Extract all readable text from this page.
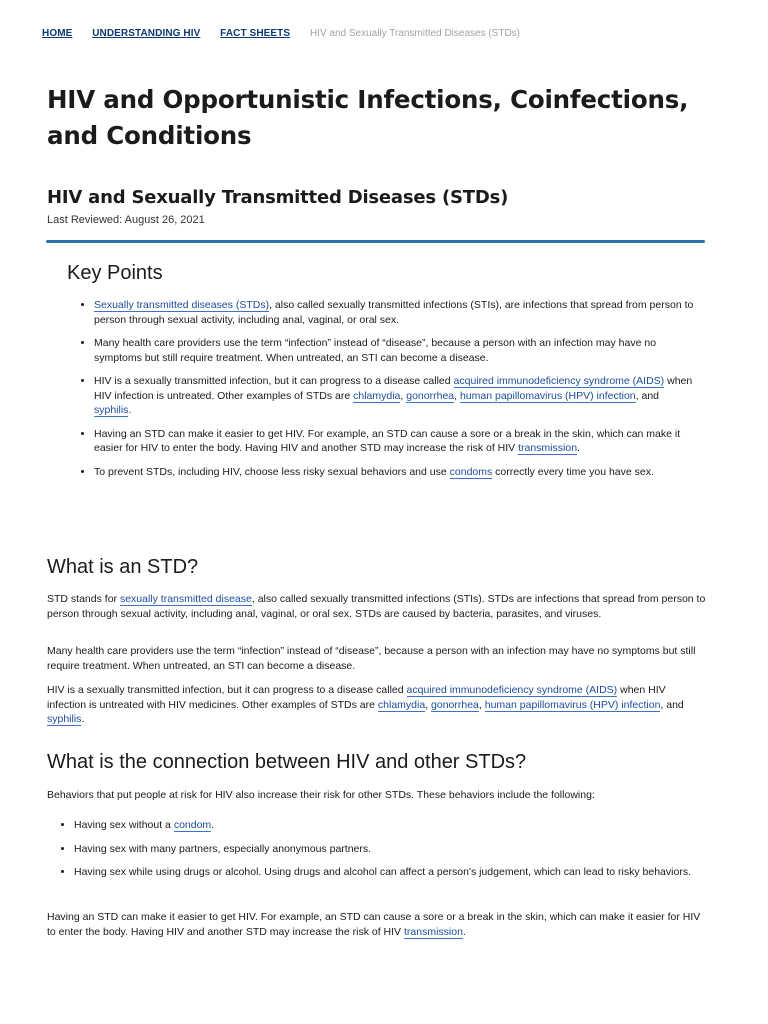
HOME UNDERSTANDING HIV FACT SHEETS HIV and Sexually Transmitted Diseases (STDs)
HIV and Opportunistic Infections, Coinfections, and Conditions
HIV and Sexually Transmitted Diseases (STDs)
Last Reviewed: August 26, 2021
Key Points
• Sexually transmitted diseases (STDs), also called sexually transmitted infections (STIs), are infections that spread from person to person through sexual activity, including anal, vaginal, or oral sex.
• Many health care providers use the term “infection” instead of “disease”, because a person with an infection may have no symptoms but still require treatment. When untreated, an STI can become a disease.
• HIV is a sexually transmitted infection, but it can progress to a disease called acquired immunodeficiency syndrome (AIDS) when HIV infection is untreated. Other examples of STDs are chlamydia, gonorrhea, human papillomavirus (HPV) infection, and syphilis.
• Having an STD can make it easier to get HIV. For example, an STD can cause a sore or a break in the skin, which can make it easier for HIV to enter the body. Having HIV and another STD may increase the risk of HIV transmission.
• To prevent STDs, including HIV, choose less risky sexual behaviors and use condoms correctly every time you have sex.
What is an STD?

STD stands for sexually transmitted disease, also called sexually transmitted infections (STIs). STDs are infections that spread from person to person through sexual activity, including anal, vaginal, or oral sex. STDs are caused by bacteria, parasites, and viruses.

Many health care providers use the term “infection” instead of “disease”, because a person with an infection may have no symptoms but still require treatment. When untreated, an STI can become a disease.

HIV is a sexually transmitted infection, but it can progress to a disease called acquired immunodeficiency syndrome (AIDS) when HIV infection is untreated with HIV medicines. Other examples of STDs are chlamydia, gonorrhea, human papillomavirus (HPV) infection, and syphilis.

What is the connection between HIV and other STDs?

Behaviors that put people at risk for HIV also increase their risk for other STDs. These behaviors include the following:

• Having sex without a condom.
• Having sex with many partners, especially anonymous partners.
• Having sex while using drugs or alcohol. Using drugs and alcohol can affect a person's judgement, which can lead to risky behaviors.

Having an STD can make it easier to get HIV. For example, an STD can cause a sore or a break in the skin, which can make it easier for HIV to enter the body. Having HIV and another STD may increase the risk of HIV transmission.
